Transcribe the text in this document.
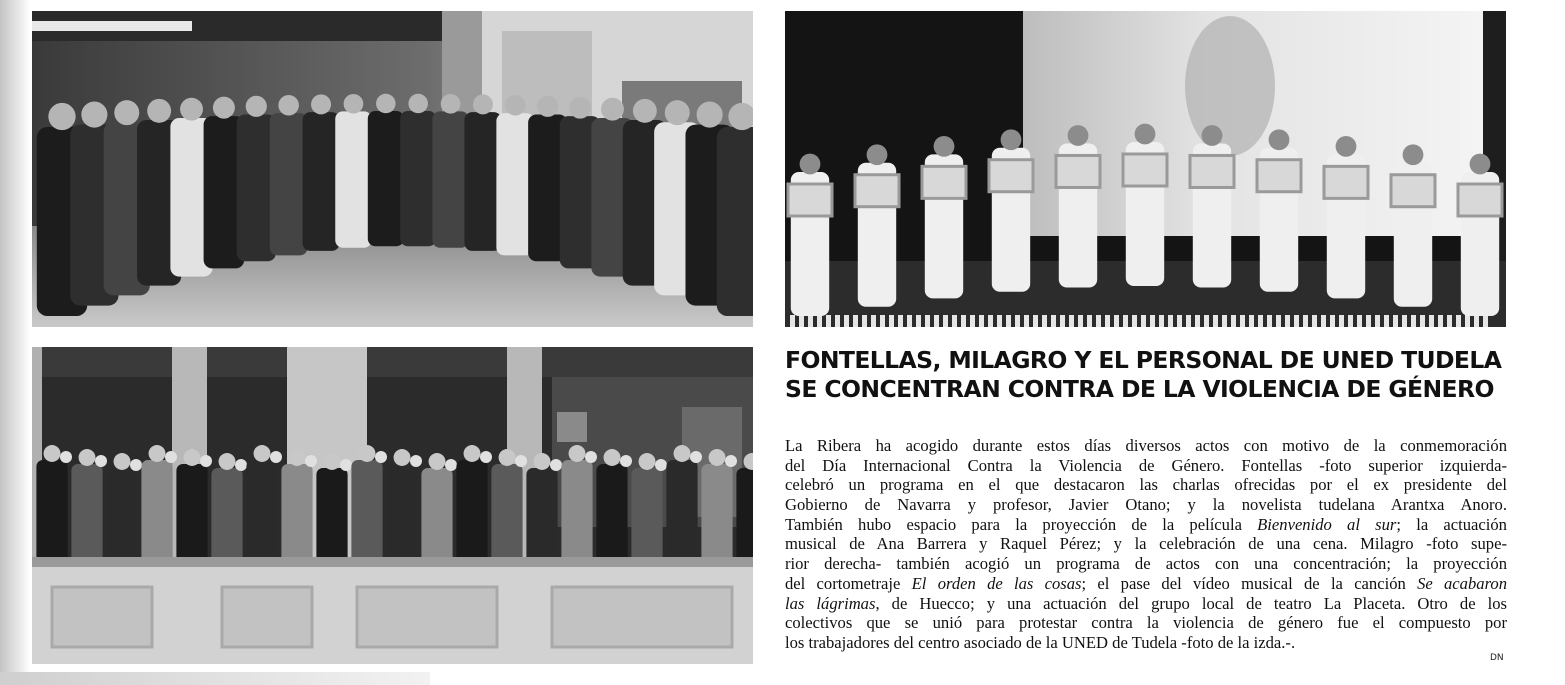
FONTELLAS, MILAGRO Y EL PERSONAL DE UNED TUDELA
SE CONCENTRAN CONTRA DE LA VIOLENCIA DE GÉNERO
La Ribera ha acogido durante estos días diversos actos con motivo de la conmemoración
del Día Internacional Contra la Violencia de Género. Fontellas -foto superior izquierda-
celebró un programa en el que destacaron las charlas ofrecidas por el ex presidente del
Gobierno de Navarra y profesor, Javier Otano; y la novelista tudelana Arantxa Anoro.
También hubo espacio para la proyección de la película Bienvenido al sur; la actuación
musical de Ana Barrera y Raquel Pérez; y la celebración de una cena. Milagro -foto supe-
rior derecha- también acogió un programa de actos con una concentración; la proyección
del cortometraje El orden de las cosas; el pase del vídeo musical de la canción Se acabaron
las lágrimas, de Huecco; y una actuación del grupo local de teatro La Placeta. Otro de los
colectivos que se unió para protestar contra la violencia de género fue el compuesto por
los trabajadores del centro asociado de la UNED de Tudela -foto de la izda.-.
DN
